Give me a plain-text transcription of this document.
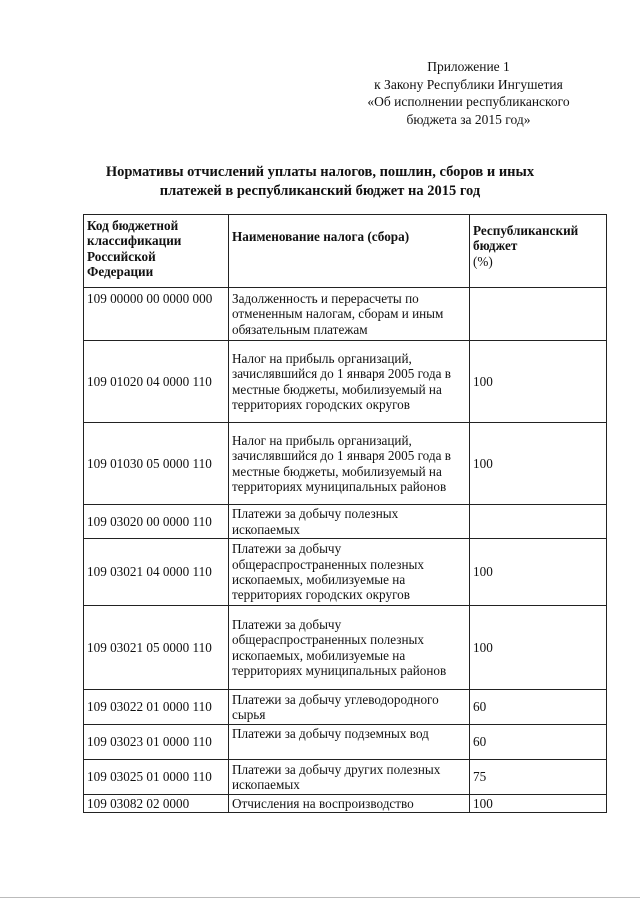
Приложение 1
к Закону Республики Ингушетия
«Об исполнении республиканского
бюджета за 2015 год»
Нормативы отчислений уплаты налогов, пошлин, сборов и иных
платежей в республиканский бюджет на 2015 год
Код бюджетной классификации Российской Федерации	Наименование налога (сбора)	Республиканский бюджет
(%)
109 00000 00 0000 000	Задолженность и перерасчеты по отмененным налогам, сборам и иным обязательным платежам	
109 01020 04 0000 110	Налог на прибыль организаций, зачислявшийся до 1 января 2005 года в местные бюджеты, мобилизуемый на территориях городских округов	100
109 01030 05 0000 110	Налог на прибыль организаций, зачислявшийся до 1 января 2005 года в местные бюджеты, мобилизуемый на территориях муниципальных районов	100
109 03020 00 0000 110	Платежи за добычу полезных ископаемых	
109 03021 04 0000 110	Платежи за добычу общераспространенных полезных ископаемых, мобилизуемые на территориях городских округов	100
109 03021 05 0000 110	Платежи за добычу общераспространенных полезных ископаемых, мобилизуемые на территориях муниципальных районов	100
109 03022 01 0000 110	Платежи за добычу углеводородного сырья	60
109 03023 01 0000 110	Платежи за добычу подземных вод	60
109 03025 01 0000 110	Платежи за добычу других полезных ископаемых	75
109 03082 02 0000	Отчисления на воспроизводство	100
